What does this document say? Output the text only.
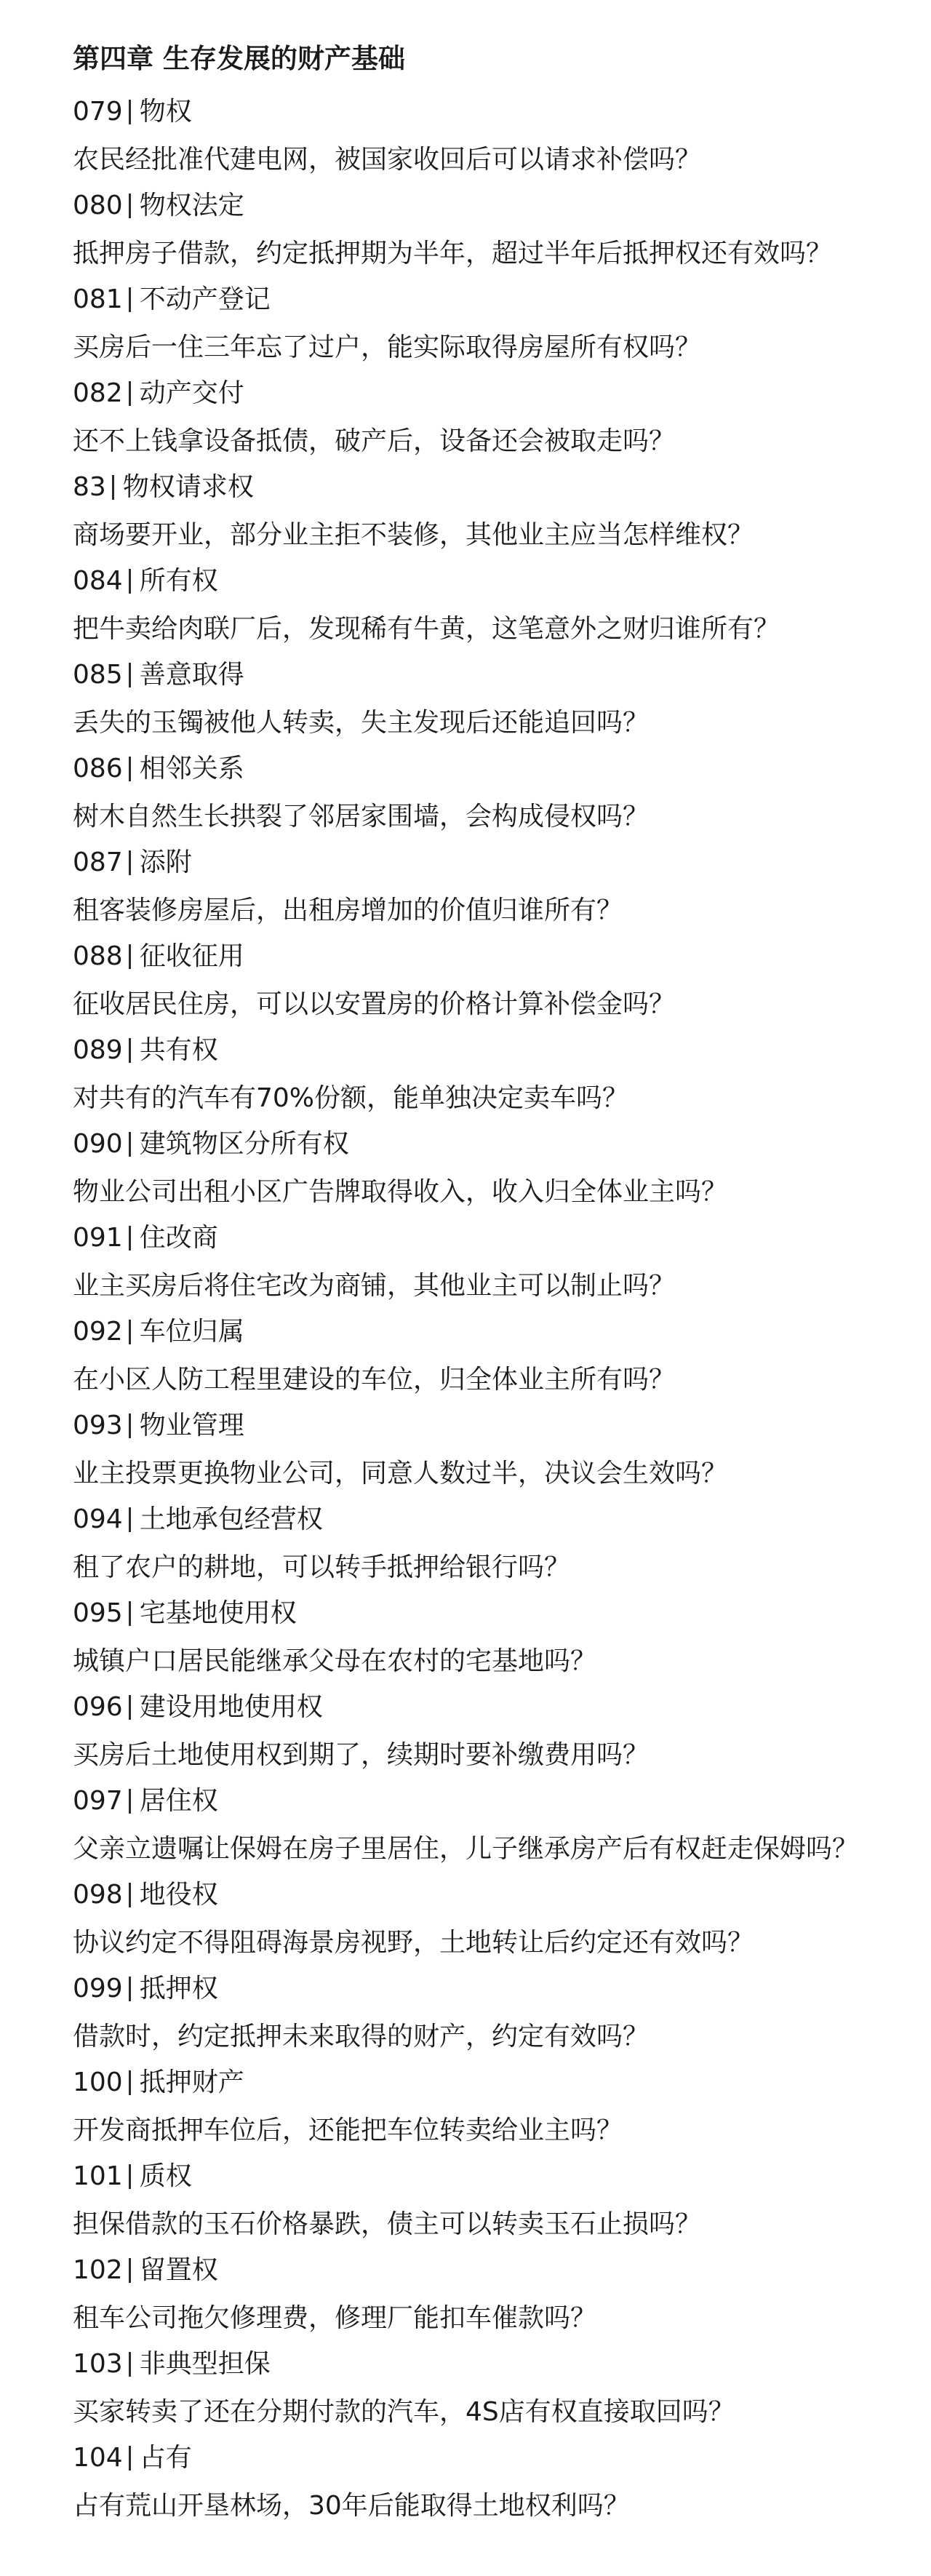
第四章 生存发展的财产基础
079 物权
农民经批准代建电网，被国家收回后可以请求补偿吗？
080 物权法定
抵押房子借款，约定抵押期为半年，超过半年后抵押权还有效吗？
081 不动产登记
买房后一住三年忘了过户，能实际取得房屋所有权吗？
082 动产交付
还不上钱拿设备抵债，破产后，设备还会被取走吗？
83 物权请求权
商场要开业，部分业主拒不装修，其他业主应当怎样维权？
084 所有权
把牛卖给肉联厂后，发现稀有牛黄，这笔意外之财归谁所有？
085 善意取得
丢失的玉镯被他人转卖，失主发现后还能追回吗？
086 相邻关系
树木自然生长拱裂了邻居家围墙，会构成侵权吗？
087 添附
租客装修房屋后，出租房增加的价值归谁所有？
088 征收征用
征收居民住房，可以以安置房的价格计算补偿金吗？
089 共有权
对共有的汽车有70%份额，能单独决定卖车吗？
090 建筑物区分所有权
物业公司出租小区广告牌取得收入，收入归全体业主吗？
091 住改商
业主买房后将住宅改为商铺，其他业主可以制止吗？
092 车位归属
在小区人防工程里建设的车位，归全体业主所有吗？
093 物业管理
业主投票更换物业公司，同意人数过半，决议会生效吗？
094 土地承包经营权
租了农户的耕地，可以转手抵押给银行吗？
095 宅基地使用权
城镇户口居民能继承父母在农村的宅基地吗？
096 建设用地使用权
买房后土地使用权到期了，续期时要补缴费用吗？
097 居住权
父亲立遗嘱让保姆在房子里居住，儿子继承房产后有权赶走保姆吗？
098 地役权
协议约定不得阻碍海景房视野，土地转让后约定还有效吗？
099 抵押权
借款时，约定抵押未来取得的财产，约定有效吗？
100 抵押财产
开发商抵押车位后，还能把车位转卖给业主吗？
101 质权
担保借款的玉石价格暴跌，债主可以转卖玉石止损吗？
102 留置权
租车公司拖欠修理费，修理厂能扣车催款吗？
103 非典型担保
买家转卖了还在分期付款的汽车，4S店有权直接取回吗？
104 占有
占有荒山开垦林场，30年后能取得土地权利吗？
